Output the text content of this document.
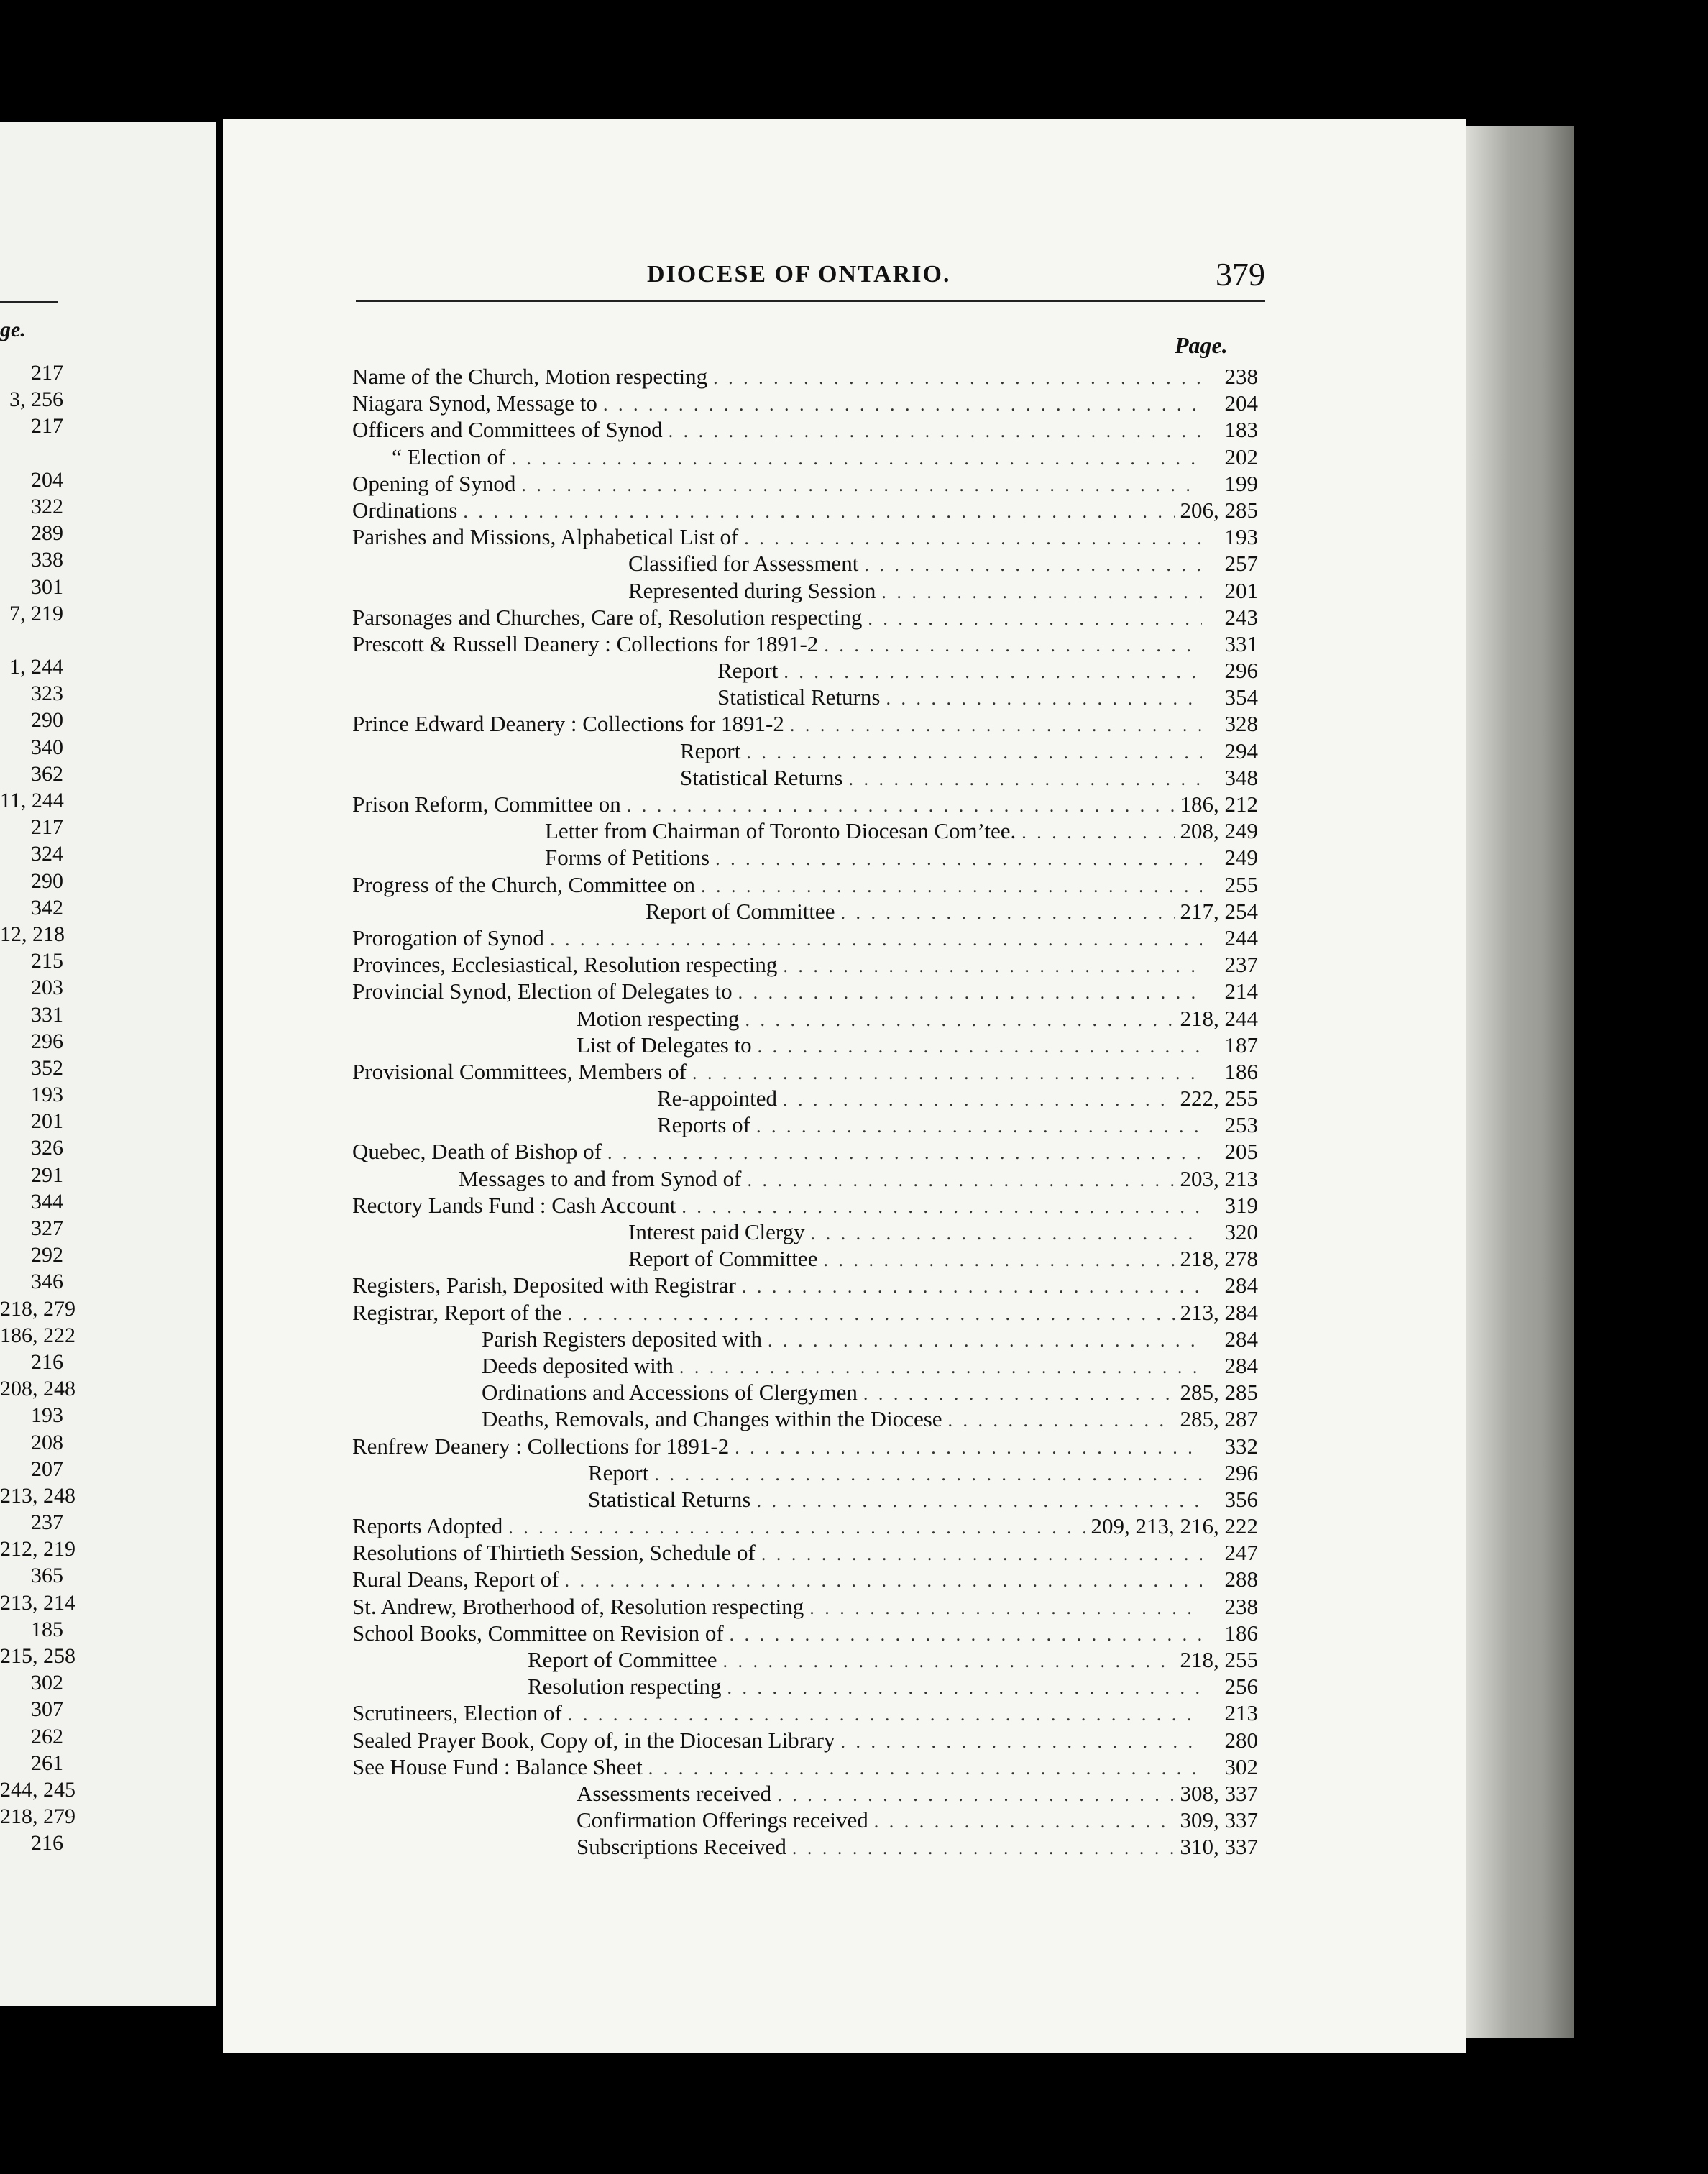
ge.
217
3, 256
217
204
322
289
338
301
7, 219
1, 244
323
290
340
362
11, 244
217
324
290
342
12, 218
215
203
331
296
352
193
201
326
291
344
327
292
346
218, 279
186, 222
216
208, 248
193
208
207
213, 248
237
212, 219
365
213, 214
185
215, 258
302
307
262
261
244, 245
218, 279
216
DIOCESE OF ONTARIO.	379
Page.
Name of the Church, Motion respecting . . .	238
Niagara Synod, Message to . . .	204
Officers and Committees of Synod . . .	183
“ Election of . . .	202
Opening of Synod . . .	199
Ordinations . . .	206, 285
Parishes and Missions, Alphabetical List of . . .	193
Classified for Assessment . . .	257
Represented during Session . . .	201
Parsonages and Churches, Care of, Resolution respecting . . .	243
Prescott & Russell Deanery : Collections for 1891-2 . . .	331
Report . . .	296
Statistical Returns . . .	354
Prince Edward Deanery : Collections for 1891-2 . . .	328
Report . . .	294
Statistical Returns . . .	348
Prison Reform, Committee on . . .	186, 212
Letter from Chairman of Toronto Diocesan Com’tee. . . .	208, 249
Forms of Petitions . . .	249
Progress of the Church, Committee on . . .	255
Report of Committee . . .	217, 254
Prorogation of Synod . . .	244
Provinces, Ecclesiastical, Resolution respecting . . .	237
Provincial Synod, Election of Delegates to . . .	214
Motion respecting . . .	218, 244
List of Delegates to . . .	187
Provisional Committees, Members of . . .	186
Re-appointed . . .	222, 255
Reports of . . .	253
Quebec, Death of Bishop of . . .	205
Messages to and from Synod of . . .	203, 213
Rectory Lands Fund : Cash Account . . .	319
Interest paid Clergy . . .	320
Report of Committee . . .	218, 278
Registers, Parish, Deposited with Registrar . . .	284
Registrar, Report of the . . .	213, 284
Parish Registers deposited with . . .	284
Deeds deposited with . . .	284
Ordinations and Accessions of Clergymen . . .	285, 285
Deaths, Removals, and Changes within the Diocese . . .	285, 287
Renfrew Deanery : Collections for 1891-2 . . .	332
Report . . .	296
Statistical Returns . . .	356
Reports Adopted . . .	209, 213, 216, 222
Resolutions of Thirtieth Session, Schedule of . . .	247
Rural Deans, Report of . . .	288
St. Andrew, Brotherhood of, Resolution respecting . . .	238
School Books, Committee on Revision of . . .	186
Report of Committee . . .	218, 255
Resolution respecting . . .	256
Scrutineers, Election of . . .	213
Sealed Prayer Book, Copy of, in the Diocesan Library . . .	280
See House Fund : Balance Sheet . . .	302
Assessments received . . .	308, 337
Confirmation Offerings received . . .	309, 337
Subscriptions Received . . .	310, 337
